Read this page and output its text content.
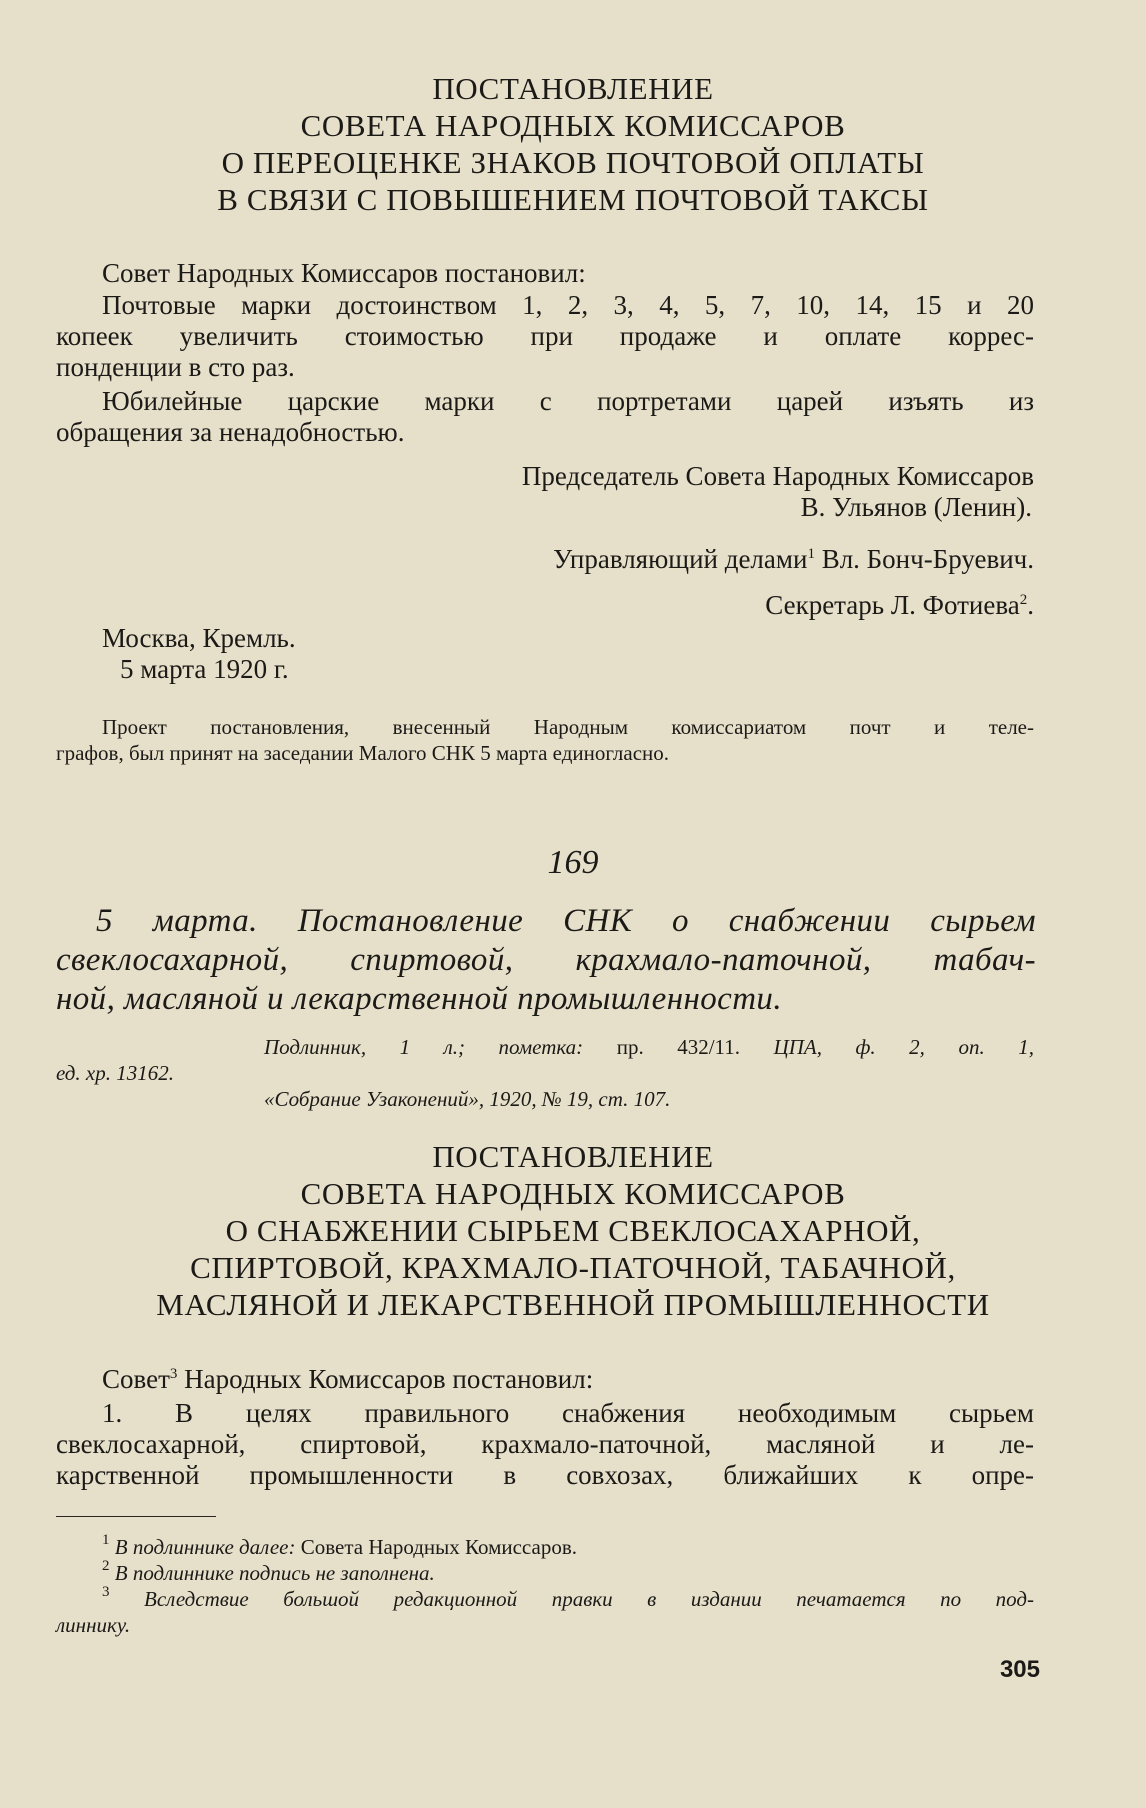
ПОСТАНОВЛЕНИЕ
СОВЕТА НАРОДНЫХ КОМИССАРОВ
О ПЕРЕОЦЕНКЕ ЗНАКОВ ПОЧТОВОЙ ОПЛАТЫ
В СВЯЗИ С ПОВЫШЕНИЕМ ПОЧТОВОЙ ТАКСЫ
Совет Народных Комиссаров постановил:
Почтовые марки достоинством 1, 2, 3, 4, 5, 7, 10, 14, 15 и 20
копеек увеличить стоимостью при продаже и оплате коррес-
понденции в сто раз.
Юбилейные царские марки с портретами царей изъять из
обращения за ненадобностью.
Председатель Совета Народных Комиссаров
В. Ульянов (Ленин).
Управляющий делами$^1$ Вл. Бонч-Бруевич.
Секретарь Л. Фотиева$^2$.
Москва, Кремль.
5 марта 1920 г.
Проект постановления, внесенный Народным комиссариатом почт и теле-
графов, был принят на заседании Малого СНК 5 марта единогласно.
169
5 марта. Постановление СНК о снабжении сырьем
свеклосахарной, спиртовой, крахмало-паточной, табач-
ной, масляной и лекарственной промышленности.
Подлинник, 1 л.; пометка: пр. 432/11. ЦПА, ф. 2, оп. 1,
ед. хр. 13162.
«Собрание Узаконений», 1920, № 19, ст. 107.
ПОСТАНОВЛЕНИЕ
СОВЕТА НАРОДНЫХ КОМИССАРОВ
О СНАБЖЕНИИ СЫРЬЕМ СВЕКЛОСАХАРНОЙ,
СПИРТОВОЙ, КРАХМАЛО-ПАТОЧНОЙ, ТАБАЧНОЙ,
МАСЛЯНОЙ И ЛЕКАРСТВЕННОЙ ПРОМЫШЛЕННОСТИ
Совет$^3$ Народных Комиссаров постановил:
1. В целях правильного снабжения необходимым сырьем
свеклосахарной, спиртовой, крахмало-паточной, масляной и ле-
карственной промышленности в совхозах, ближайших к опре-
$^1$ В подлиннике далее: Совета Народных Комиссаров.
$^2$ В подлиннике подпись не заполнена.
$^3$ Вследствие большой редакционной правки в издании печатается по под-
линнику.
305
